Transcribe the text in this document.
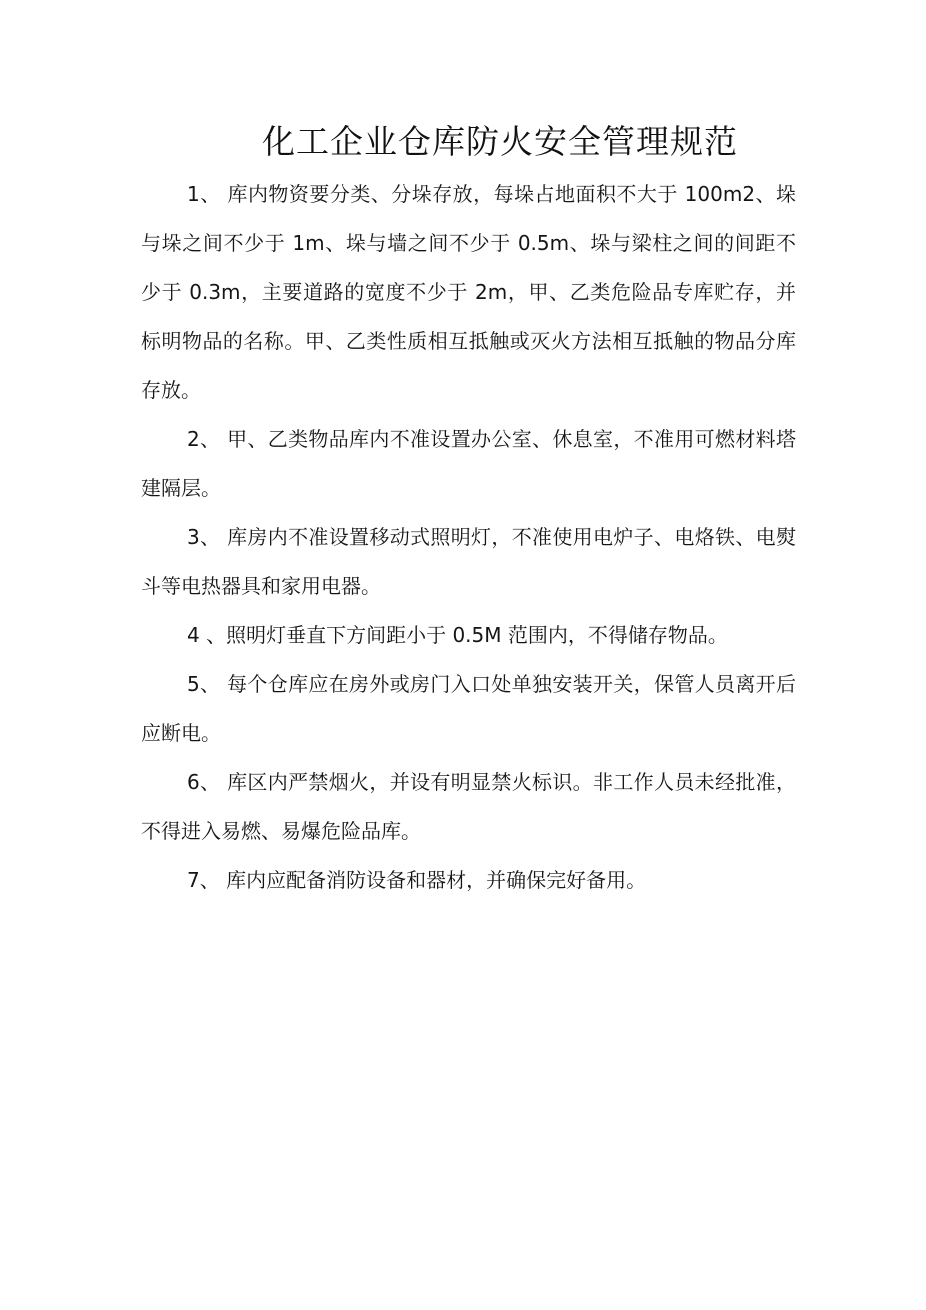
化工企业仓库防火安全管理规范

1、 库内物资要分类、分垛存放，每垛占地面积不大于 100m2、垛与垛之间不少于 1m、垛与墙之间不少于 0.5m、垛与梁柱之间的间距不少于 0.3m，主要道路的宽度不少于 2m，甲、乙类危险品专库贮存，并标明物品的名称。甲、乙类性质相互抵触或灭火方法相互抵触的物品分库存放。

2、 甲、乙类物品库内不准设置办公室、休息室，不准用可燃材料塔建隔层。

3、 库房内不准设置移动式照明灯，不准使用电炉子、电烙铁、电熨斗等电热器具和家用电器。

4 、照明灯垂直下方间距小于 0.5M 范围内，不得储存物品。

5、 每个仓库应在房外或房门入口处单独安装开关，保管人员离开后应断电。

6、 库区内严禁烟火，并设有明显禁火标识。非工作人员未经批准，不得进入易燃、易爆危险品库。

7、 库内应配备消防设备和器材，并确保完好备用。
